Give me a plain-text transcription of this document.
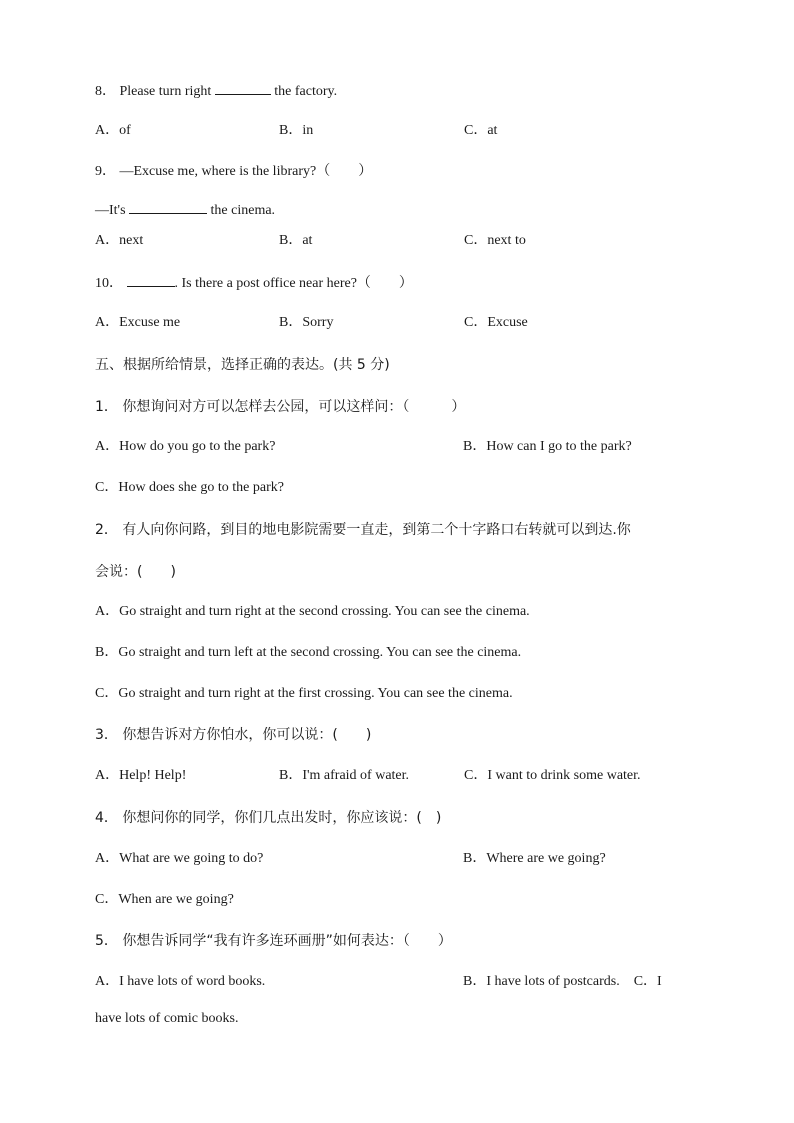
8． Please turn right	the factory.
A．of	B．in	C．at
9． —Excuse me, where is the library?（　　）
—It's	the cinema.
A．next	B．at	C．next to
10．	. Is there a post office near here?（　　）
A．Excuse me	B．Sorry	C．Excuse
五、根据所给情景，选择正确的表达。(共 5 分)
1． 你想询问对方可以怎样去公园，可以这样问：（　　　）
A．How do you go to the park?	B．How can I go to the park?
C．How does she go to the park?
2． 有人向你问路，到目的地电影院需要一直走，到第二个十字路口右转就可以到达.你
会说：(　　)
A．Go straight and turn right at the second crossing. You can see the cinema.
B．Go straight and turn left at the second crossing. You can see the cinema.
C．Go straight and turn right at the first crossing. You can see the cinema.
3． 你想告诉对方你怕水，你可以说：(　　)
A．Help! Help!	B．I'm afraid of water.	C．I want to drink some water.
4． 你想问你的同学，你们几点出发时，你应该说：(　)
A．What are we going to do?	B．Where are we going?
C．When are we going?
5． 你想告诉同学“我有许多连环画册”如何表达：（　　）
A．I have lots of word books.	B．I have lots of postcards.　C．I
have lots of comic books.
